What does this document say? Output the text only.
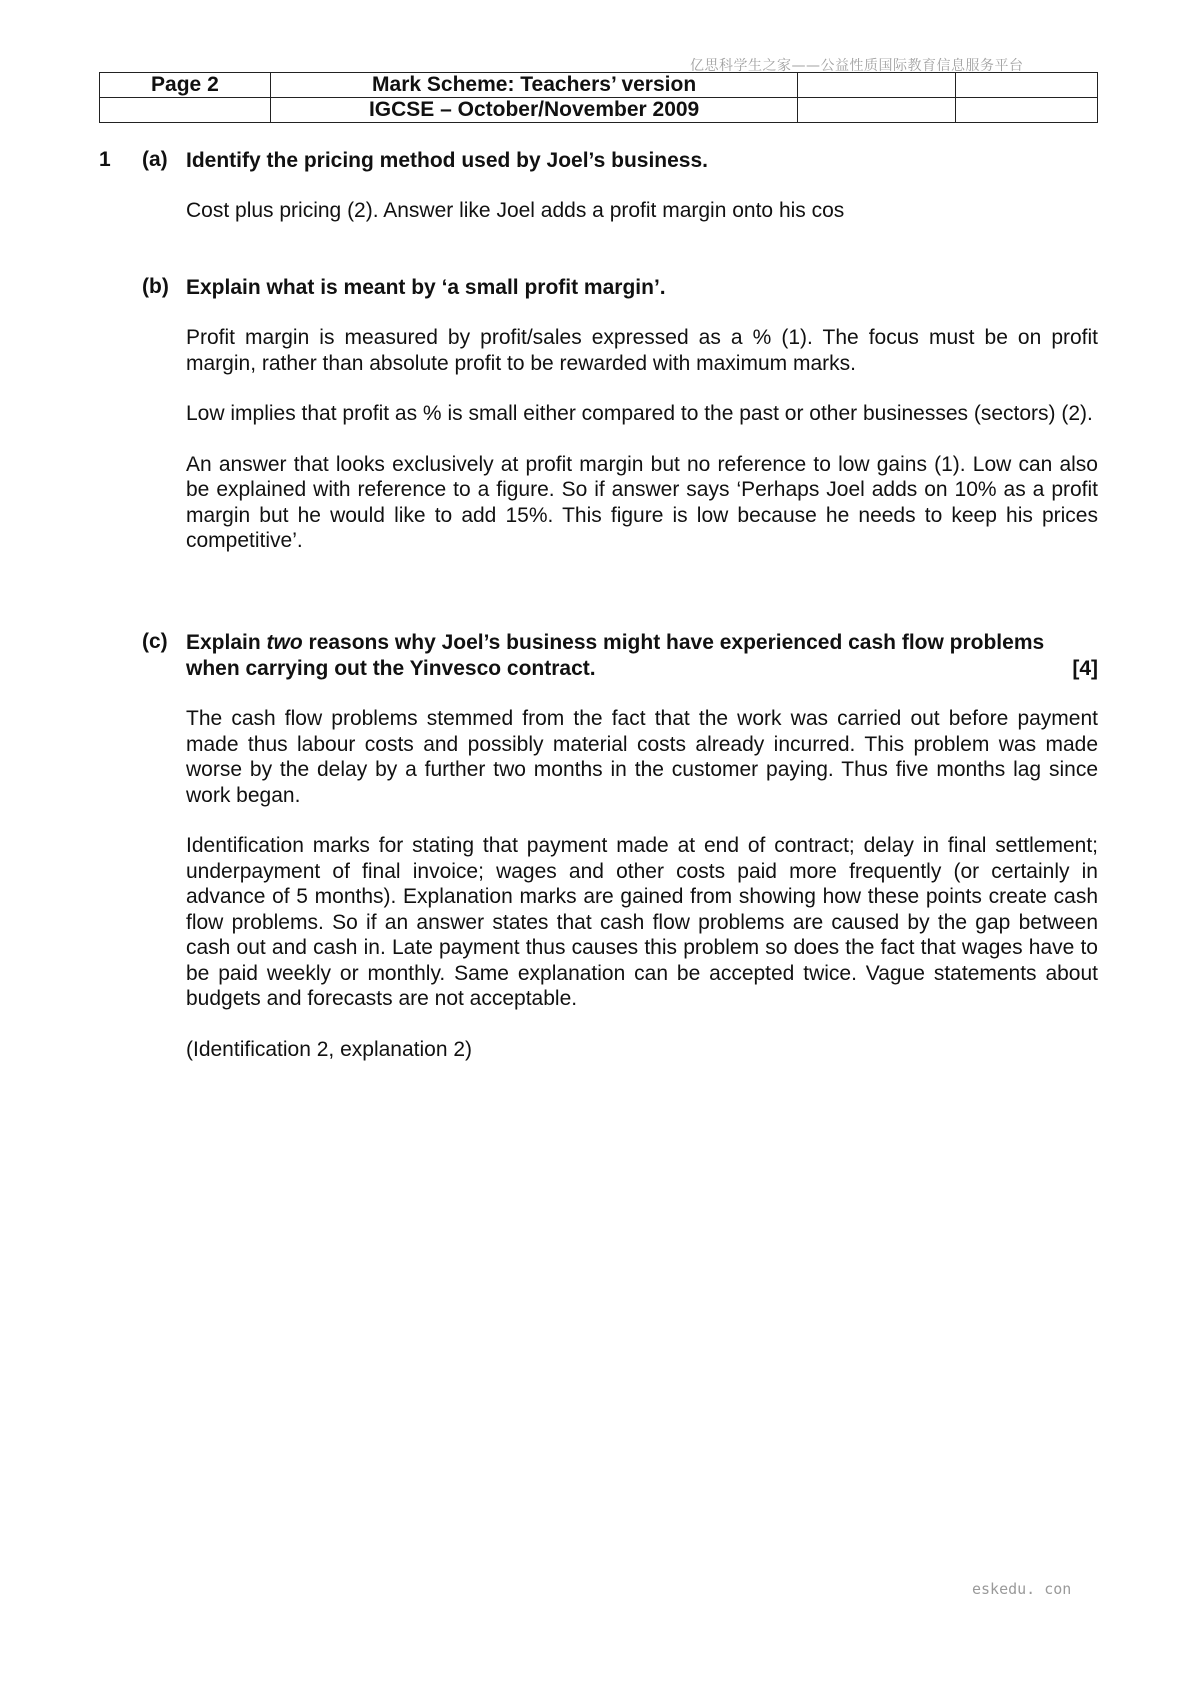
亿思科学生之家——公益性质国际教育信息服务平台
Page 2	Mark Scheme: Teachers’ version		
	IGCSE – October/November 2009		
1 (a) Identify the pricing method used by Joel’s business.

Cost plus pricing (2). Answer like Joel adds a profit margin onto his cos

(b) Explain what is meant by ‘a small profit margin’.

Profit margin is measured by profit/sales expressed as a % (1). The focus must be on profit margin, rather than absolute profit to be rewarded with maximum marks.

Low implies that profit as % is small either compared to the past or other businesses (sectors) (2).

An answer that looks exclusively at profit margin but no reference to low gains (1). Low can also be explained with reference to a figure. So if answer says ‘Perhaps Joel adds on 10% as a profit margin but he would like to add 15%. This figure is low because he needs to keep his prices competitive’.

(c) Explain two reasons why Joel’s business might have experienced cash flow problems

when carrying out the Yinvesco contract.	[4]

The cash flow problems stemmed from the fact that the work was carried out before payment made thus labour costs and possibly material costs already incurred. This problem was made worse by the delay by a further two months in the customer paying. Thus five months lag since work began.

Identification marks for stating that payment made at end of contract; delay in final settlement; underpayment of final invoice; wages and other costs paid more frequently (or certainly in advance of 5 months). Explanation marks are gained from showing how these points create cash flow problems. So if an answer states that cash flow problems are caused by the gap between cash out and cash in. Late payment thus causes this problem so does the fact that wages have to be paid weekly or monthly. Same explanation can be accepted twice. Vague statements about budgets and forecasts are not acceptable.

(Identification 2, explanation 2)

eskedu. con
